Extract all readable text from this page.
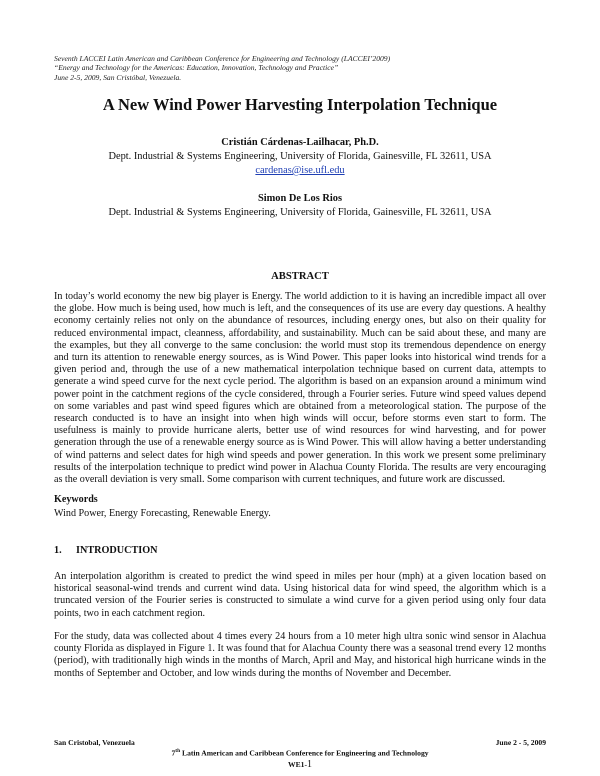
Seventh LACCEI Latin American and Caribbean Conference for Engineering and Technology (LACCEI’2009)
“Energy and Technology for the Americas: Education, Innovation, Technology and Practice”
June 2-5, 2009, San Cristóbal, Venezuela.
A New Wind Power Harvesting Interpolation Technique
Cristián Cárdenas-Lailhacar, Ph.D.
Dept. Industrial & Systems Engineering, University of Florida, Gainesville, FL 32611, USA
cardenas@ise.ufl.edu
Simon De Los Rios
Dept. Industrial & Systems Engineering, University of Florida, Gainesville, FL 32611, USA
ABSTRACT
In today’s world economy the new big player is Energy. The world addiction to it is having an incredible impact all over the globe. How much is being used, how much is left, and the consequences of its use are every day questions. A healthy economy certainly relies not only on the abundance of resources, including energy ones, but also on their quality for reduced environmental impact, cleanness, affordability, and sustainability. Much can be said about these, and many are the examples, but they all converge to the same conclusion: the world must stop its tremendous dependence on energy and turn its attention to renewable energy sources, as is Wind Power. This paper looks into historical wind trends for a given period and, through the use of a new mathematical interpolation technique based on current data, attempts to generate a wind speed curve for the next cycle period. The algorithm is based on an expansion around a minimum wind power point in the catchment regions of the cycle considered, through a Fourier series. Future wind speed values depend on some variables and past wind speed figures which are obtained from a meteorological station. The purpose of the research conducted is to have an insight into when high winds will occur, before storms even start to form. The usefulness is mainly to provide hurricane alerts, better use of wind resources for wind harvesting, and for power generation through the use of a renewable energy source as is Wind Power. This will allow having a better understanding of wind patterns and select dates for high wind speeds and power generation. In this work we present some preliminary results of the interpolation technique to predict wind power in Alachua County Florida. The results are very encouraging as the overall deviation is very small. Some comparison with current techniques, and future work are discussed.
Keywords
Wind Power, Energy Forecasting, Renewable Energy.
1. INTRODUCTION
An interpolation algorithm is created to predict the wind speed in miles per hour (mph) at a given location based on historical seasonal-wind trends and current wind data. Using historical data for wind speed, the algorithm which is a truncated version of the Fourier series is constructed to simulate a wind curve for a given period using only four data points, two in each catchment region.
For the study, data was collected about 4 times every 24 hours from a 10 meter high ultra sonic wind sensor in Alachua county Florida as displayed in Figure 1. It was found that for Alachua County there was a seasonal trend every 12 months (period), with traditionally high winds in the months of March, April and May, and historical high hurricane winds in the months of September and October, and low winds during the months of November and December.
San Cristobal, Venezuela	June 2 - 5, 2009
7th Latin American and Caribbean Conference for Engineering and Technology
WE1-1
